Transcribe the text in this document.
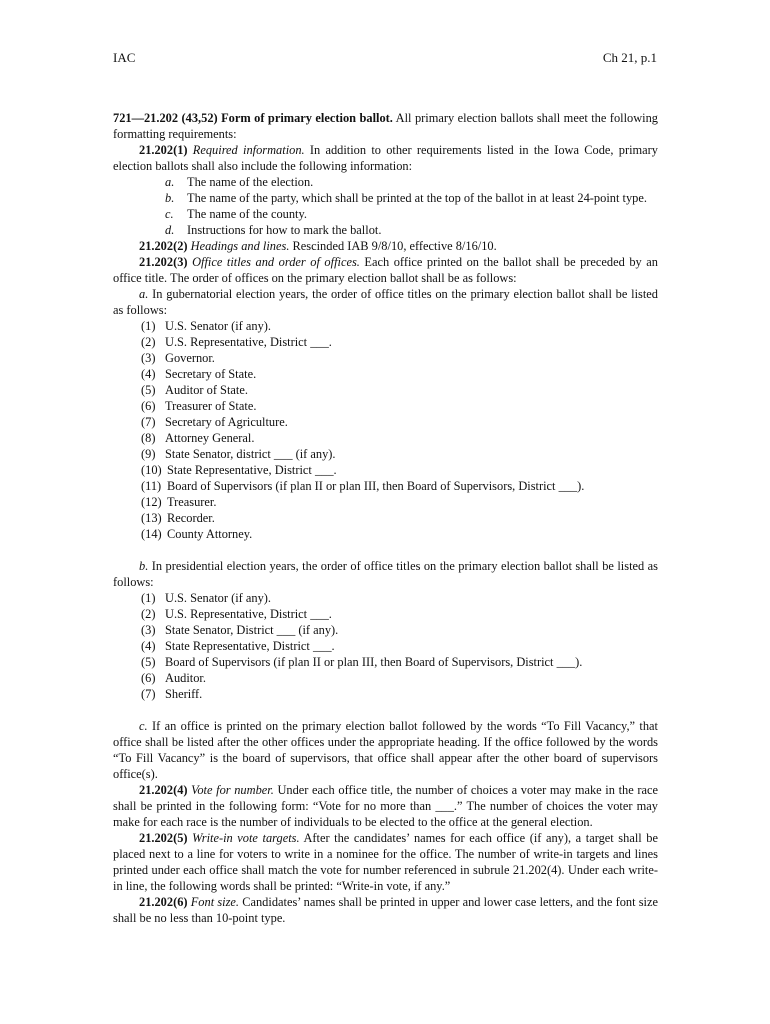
IAC	Ch 21, p.1

721—21.202 (43,52) Form of primary election ballot. All primary election ballots shall meet the following formatting requirements:

21.202(1) Required information. In addition to other requirements listed in the Iowa Code, primary election ballots shall also include the following information:

a. The name of the election.

b. The name of the party, which shall be printed at the top of the ballot in at least 24-point type.

c. The name of the county.

d. Instructions for how to mark the ballot.

21.202(2) Headings and lines. Rescinded IAB 9/8/10, effective 8/16/10.

21.202(3) Office titles and order of offices. Each office printed on the ballot shall be preceded by an office title. The order of offices on the primary election ballot shall be as follows:

a. In gubernatorial election years, the order of office titles on the primary election ballot shall be listed as follows:

(1) U.S. Senator (if any).
(2) U.S. Representative, District ___.
(3) Governor.
(4) Secretary of State.
(5) Auditor of State.
(6) Treasurer of State.
(7) Secretary of Agriculture.
(8) Attorney General.
(9) State Senator, district ___ (if any).
(10) State Representative, District ___.
(11) Board of Supervisors (if plan II or plan III, then Board of Supervisors, District ___).
(12) Treasurer.
(13) Recorder.
(14) County Attorney.

b. In presidential election years, the order of office titles on the primary election ballot shall be listed as follows:

(1) U.S. Senator (if any).
(2) U.S. Representative, District ___.
(3) State Senator, District ___ (if any).
(4) State Representative, District ___.
(5) Board of Supervisors (if plan II or plan III, then Board of Supervisors, District ___).
(6) Auditor.
(7) Sheriff.

c. If an office is printed on the primary election ballot followed by the words “To Fill Vacancy,” that office shall be listed after the other offices under the appropriate heading. If the office followed by the words “To Fill Vacancy” is the board of supervisors, that office shall appear after the other board of supervisors office(s).

21.202(4) Vote for number. Under each office title, the number of choices a voter may make in the race shall be printed in the following form: “Vote for no more than ___.” The number of choices the voter may make for each race is the number of individuals to be elected to the office at the general election.

21.202(5) Write-in vote targets. After the candidates’ names for each office (if any), a target shall be placed next to a line for voters to write in a nominee for the office. The number of write-in targets and lines printed under each office shall match the vote for number referenced in subrule 21.202(4). Under each write-in line, the following words shall be printed: “Write-in vote, if any.”

21.202(6) Font size. Candidates’ names shall be printed in upper and lower case letters, and the font size shall be no less than 10-point type.
